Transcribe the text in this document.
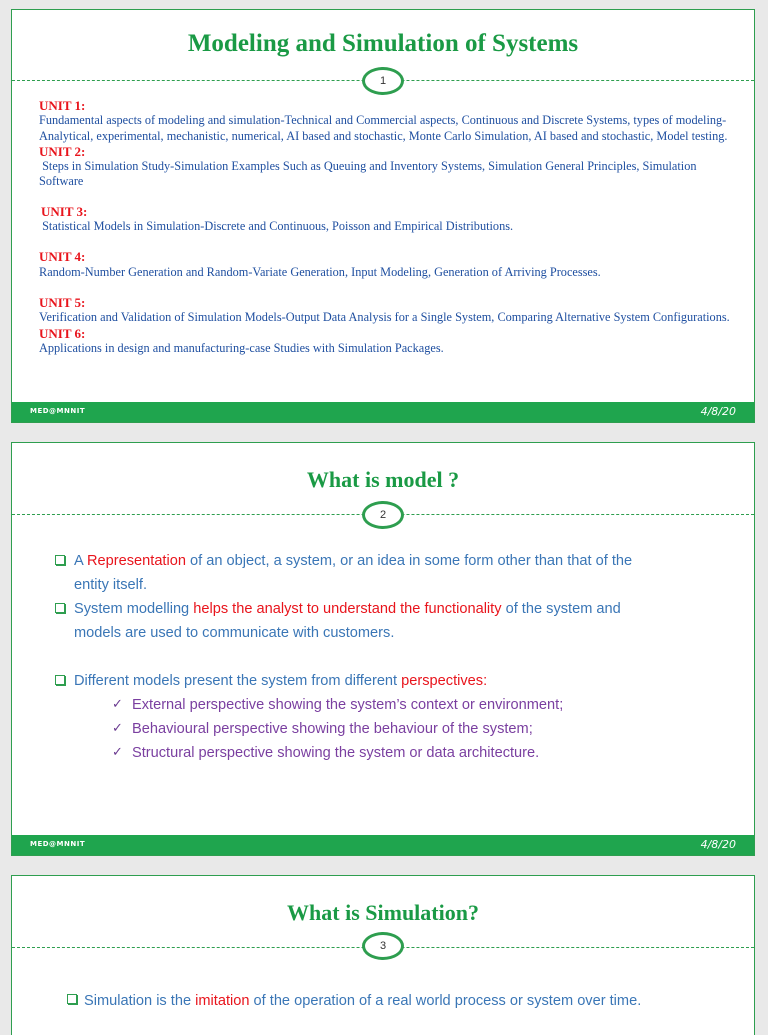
Modeling and Simulation of Systems
1
UNIT 1:
Fundamental aspects of modeling and simulation-Technical and Commercial aspects, Continuous and Discrete Systems, types of modeling- Analytical, experimental, mechanistic, numerical, AI based and stochastic, Monte Carlo Simulation, AI based and stochastic, Model testing.
UNIT 2:
Steps in Simulation Study-Simulation Examples Such as Queuing and Inventory Systems, Simulation General Principles, Simulation Software
UNIT 3:
Statistical Models in Simulation-Discrete and Continuous, Poisson and Empirical Distributions.
UNIT 4:
Random-Number Generation and Random-Variate Generation, Input Modeling, Generation of Arriving Processes.
UNIT 5:
Verification and Validation of Simulation Models-Output Data Analysis for a Single System, Comparing Alternative System Configurations.
UNIT 6:
Applications in design and manufacturing-case Studies with Simulation Packages.
MED@MNNIT	4/8/20
What is model ?
2
A Representation of an object, a system, or an idea in some form other than that of the
entity itself.
System modelling helps the analyst to understand the functionality of the system and
models are used to communicate with customers.
Different models present the system from different perspectives:
✓ External perspective showing the system’s context or environment;
✓ Behavioural perspective showing the behaviour of the system;
✓ Structural perspective showing the system or data architecture.
MED@MNNIT	4/8/20
What is Simulation?
3
Simulation is the imitation of the operation of a real world process or system over time.
